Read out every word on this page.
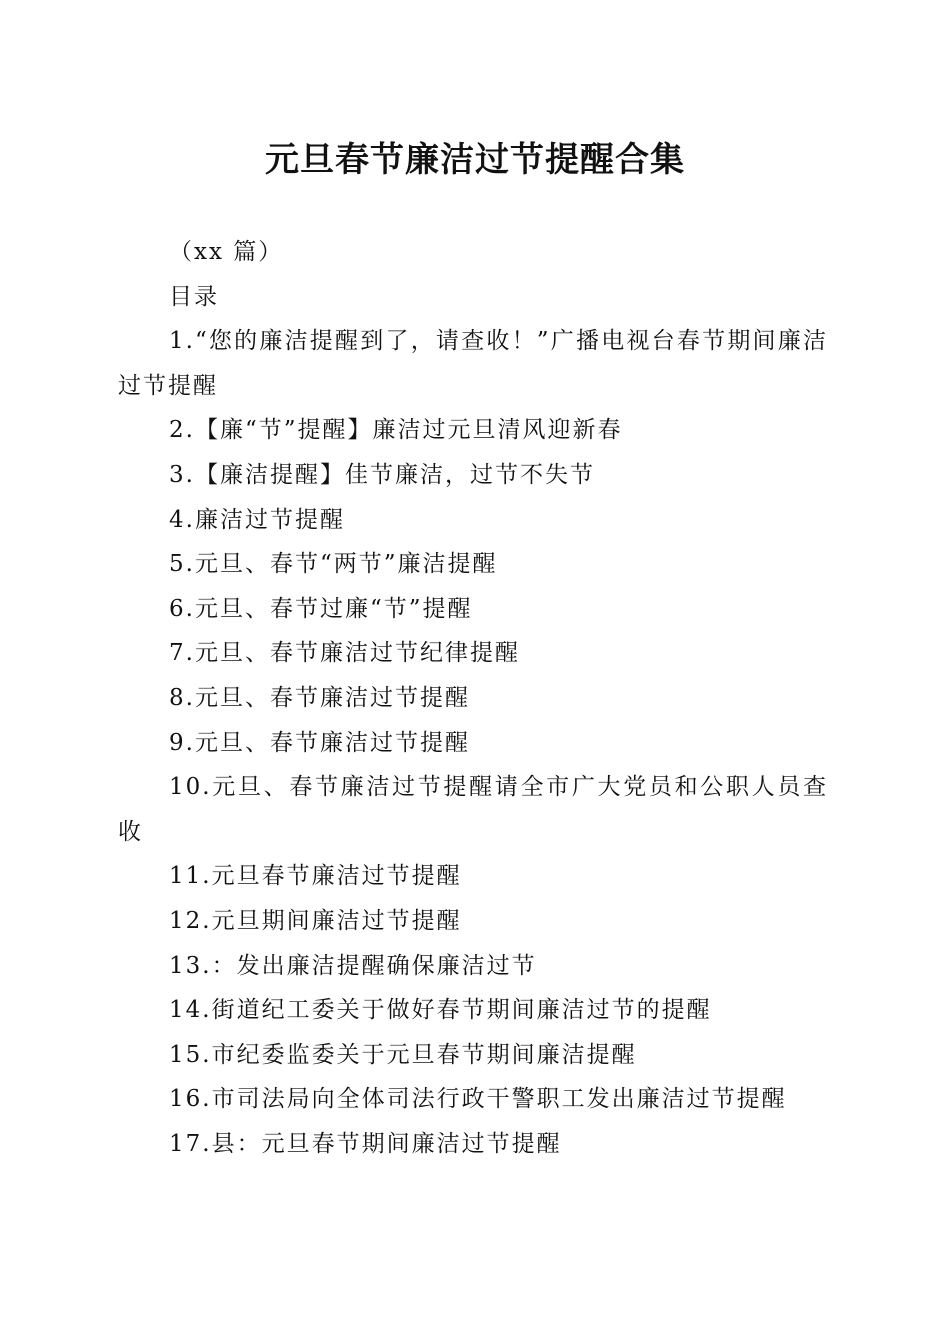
元旦春节廉洁过节提醒合集

（xx 篇）

目录

1.“您的廉洁提醒到了，请查收！”广播电视台春节期间廉洁过节提醒

2.【廉“节”提醒】廉洁过元旦清风迎新春

3.【廉洁提醒】佳节廉洁，过节不失节

4.廉洁过节提醒

5.元旦、春节“两节”廉洁提醒

6.元旦、春节过廉“节”提醒

7.元旦、春节廉洁过节纪律提醒

8.元旦、春节廉洁过节提醒

9.元旦、春节廉洁过节提醒

10.元旦、春节廉洁过节提醒请全市广大党员和公职人员查收

11.元旦春节廉洁过节提醒

12.元旦期间廉洁过节提醒

13.：发出廉洁提醒确保廉洁过节

14.街道纪工委关于做好春节期间廉洁过节的提醒

15.市纪委监委关于元旦春节期间廉洁提醒

16.市司法局向全体司法行政干警职工发出廉洁过节提醒

17.县：元旦春节期间廉洁过节提醒
